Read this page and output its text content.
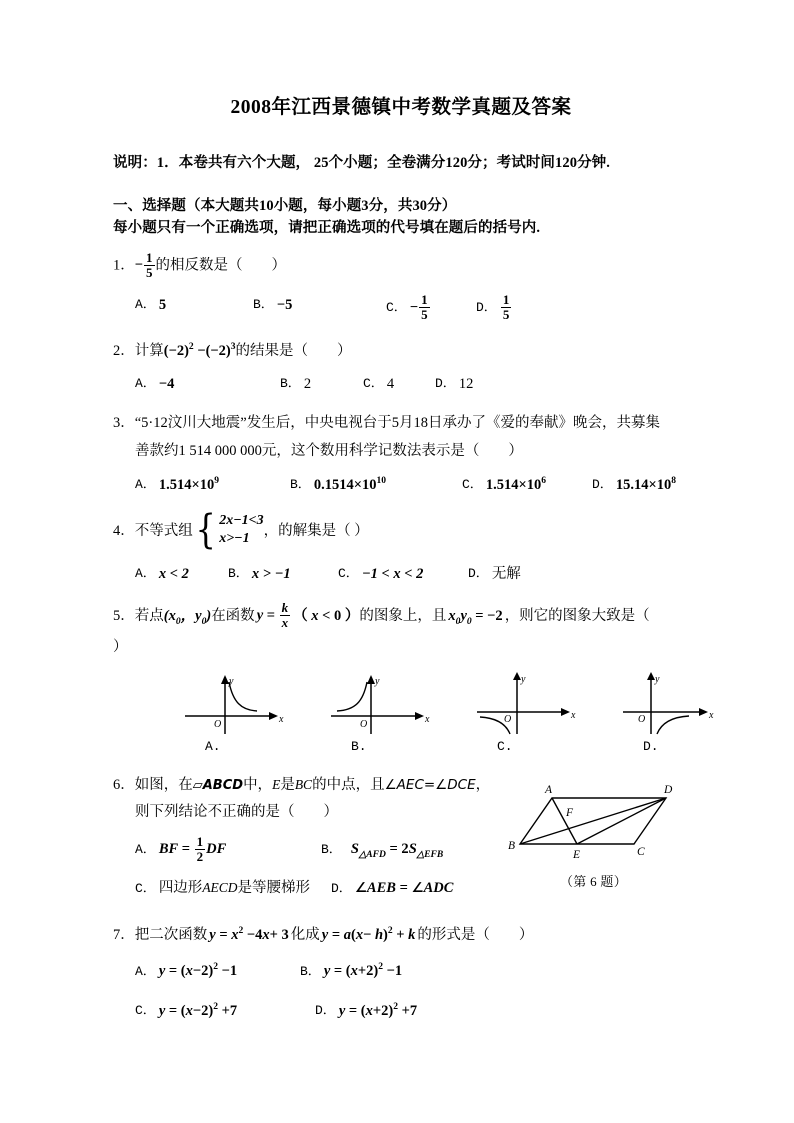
2008年江西景德镇中考数学真题及答案
说明：1．本卷共有六个大题， 25个小题；全卷满分120分；考试时间120分钟.
一、选择题（本大题共10小题，每小题3分，共30分）
每小题只有一个正确选项，请把正确选项的代号填在题后的括号内.
1．− $\frac{1}{5}$ 的相反数是（　　）
A． 5	B． −5	C． − $\frac{1}{5}$	D． $\frac{1}{5}$
2．计算$(-2)^2 -(-2)^3$的结果是（　　）
A． −4	B． 2	C． 4	D． 12
3．“5·12汶川大地震”发生后，中央电视台于5月18日承办了《爱的奉献》晚会，共募集
善款约1 514 000 000元，这个数用科学记数法表示是（　　）
A． $1.514\times 10^9$	B． $0.1514\times 10^{10}$	C． $1.514\times 10^6$	D． $15.14\times 10^8$
4． 不等式组 { 2x−1<3
x>−1 ，的解集是（ ）
A． x < 2	B． x > −1	C． −1 < x < 2	D． 无解
5． 若点 ($x_0$，$y_0$) 在函数 $y = \frac{k}{x}$ （ x < 0 ） 的图象上，且 $x_0y_0 = -2$ ，则它的图象大致是（
）
x
y
O
A.
x
y
O
B.
x
y
O
C.
x
y
O
D.
A	D
B	C
E
F
（第 6 题）
6．如图，在▱ABCD中，E是BC的中点，且∠AEC=∠DCE，
则下列结论不正确的是（　　）
A． BF = $\frac{1}{2}$ DF	B． $S_{\triangle AFD} = 2S_{\triangle EFB}$
C． 四边形AECD是等腰梯形 D． ∠AEB = ∠ADC
7．把二次函数 $y = x^2 -4x+ 3$ 化成 $y = a(x- h)^2 + k$ 的形式是（　　）
A． $y = (x-2)^2 -1$	B． $y = (x+2)^2 -1$
C． $y = (x-2)^2 +7$	D． $y = (x+2)^2 +7$
